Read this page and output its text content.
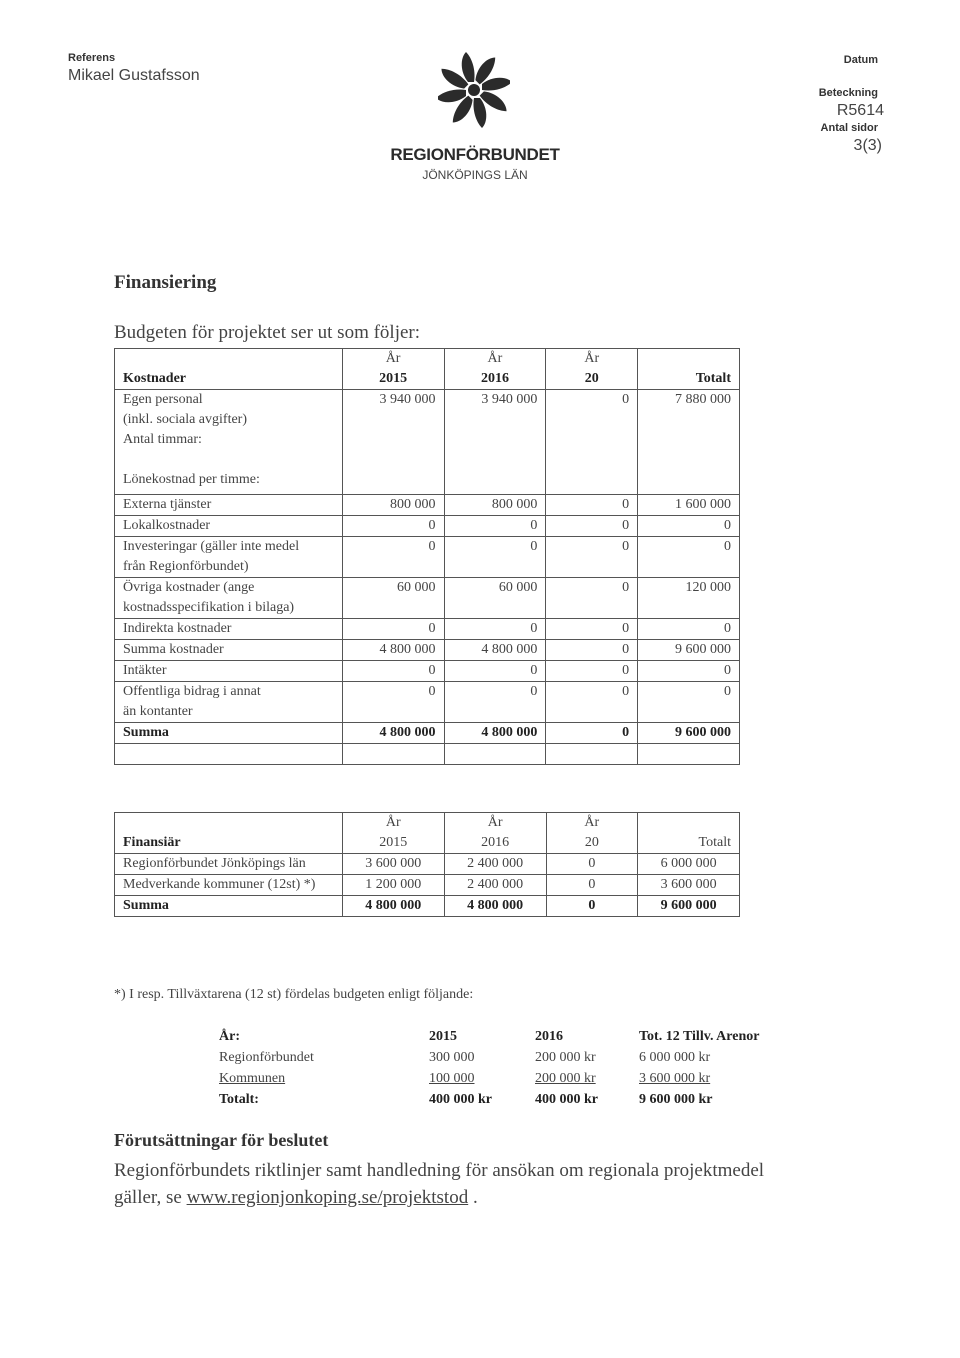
Referens
Mikael Gustafsson
REGIONFÖRBUNDET
JÖNKÖPINGS LÄN
Datum
Beteckning
R5614
Antal sidor
3(3)
Finansiering
Budgeten för projektet ser ut som följer:
	År	År	År	
Kostnader	2015	2016	20	Totalt

Egen personal
(inkl. sociala avgifter)
Antal timmar:
Lönekostnad per timme:	3 940 000	3 940 000	0	7 880 000
Externa tjänster	800 000	800 000	0	1 600 000
Lokalkostnader	0	0	0	0

Investeringar (gäller inte medel
från Regionförbundet)	0	0	0	0

Övriga kostnader (ange
kostnadsspecifikation i bilaga)	60 000	60 000	0	120 000
Indirekta kostnader	0	0	0	0
Summa kostnader	4 800 000	4 800 000	0	9 600 000
Intäkter	0	0	0	0

Offentliga bidrag i annat
än kontanter	0	0	0	0
Summa	4 800 000	4 800 000	0	9 600 000

	År	År	År	
Finansiär	2015	2016	20	Totalt
Regionförbundet Jönköpings län	3 600 000	2 400 000	0	6 000 000
Medverkande kommuner (12st) *)	1 200 000	2 400 000	0	3 600 000
Summa	4 800 000	4 800 000	0	9 600 000
*) I resp. Tillväxtarena (12 st) fördelas budgeten enligt följande:
År:	2015	2016	Tot. 12 Tillv. Arenor
Regionförbundet	300 000	200 000 kr	6 000 000 kr
Kommunen	100 000	200 000 kr	3 600 000 kr
Totalt:	400 000 kr	400 000 kr	9 600 000 kr
Förutsättningar för beslutet
Regionförbundets riktlinjer samt handledning för ansökan om regionala projektmedel
gäller, se www.regionjonkoping.se/projektstod .
